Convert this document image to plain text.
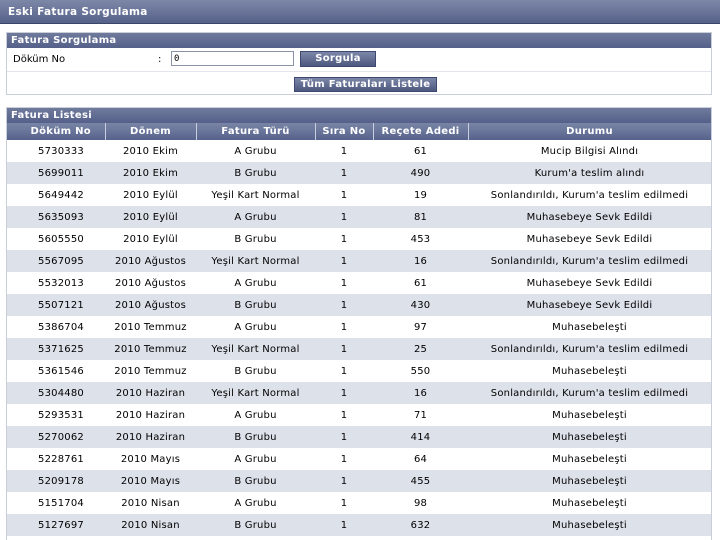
Eski Fatura Sorgulama
Fatura Sorgulama
Döküm No	:
0	Sorgula
Tüm Faturaları Listele
Fatura Listesi
	Döküm No	Dönem	Fatura Türü	Sıra No	Reçete Adedi	Durumu
	5730333	2010 Ekim	A Grubu	1	61	Mucip Bilgisi Alındı
	5699011	2010 Ekim	B Grubu	1	490	Kurum'a teslim alındı
	5649442	2010 Eylül	Yeşil Kart Normal	1	19	Sonlandırıldı, Kurum'a teslim edilmedi
	5635093	2010 Eylül	A Grubu	1	81	Muhasebeye Sevk Edildi
	5605550	2010 Eylül	B Grubu	1	453	Muhasebeye Sevk Edildi
	5567095	2010 Ağustos	Yeşil Kart Normal	1	16	Sonlandırıldı, Kurum'a teslim edilmedi
	5532013	2010 Ağustos	A Grubu	1	61	Muhasebeye Sevk Edildi
	5507121	2010 Ağustos	B Grubu	1	430	Muhasebeye Sevk Edildi
	5386704	2010 Temmuz	A Grubu	1	97	Muhasebeleşti
	5371625	2010 Temmuz	Yeşil Kart Normal	1	25	Sonlandırıldı, Kurum'a teslim edilmedi
	5361546	2010 Temmuz	B Grubu	1	550	Muhasebeleşti
	5304480	2010 Haziran	Yeşil Kart Normal	1	16	Sonlandırıldı, Kurum'a teslim edilmedi
	5293531	2010 Haziran	A Grubu	1	71	Muhasebeleşti
	5270062	2010 Haziran	B Grubu	1	414	Muhasebeleşti
	5228761	2010 Mayıs	A Grubu	1	64	Muhasebeleşti
	5209178	2010 Mayıs	B Grubu	1	455	Muhasebeleşti
	5151704	2010 Nisan	A Grubu	1	98	Muhasebeleşti
	5127697	2010 Nisan	B Grubu	1	632	Muhasebeleşti
